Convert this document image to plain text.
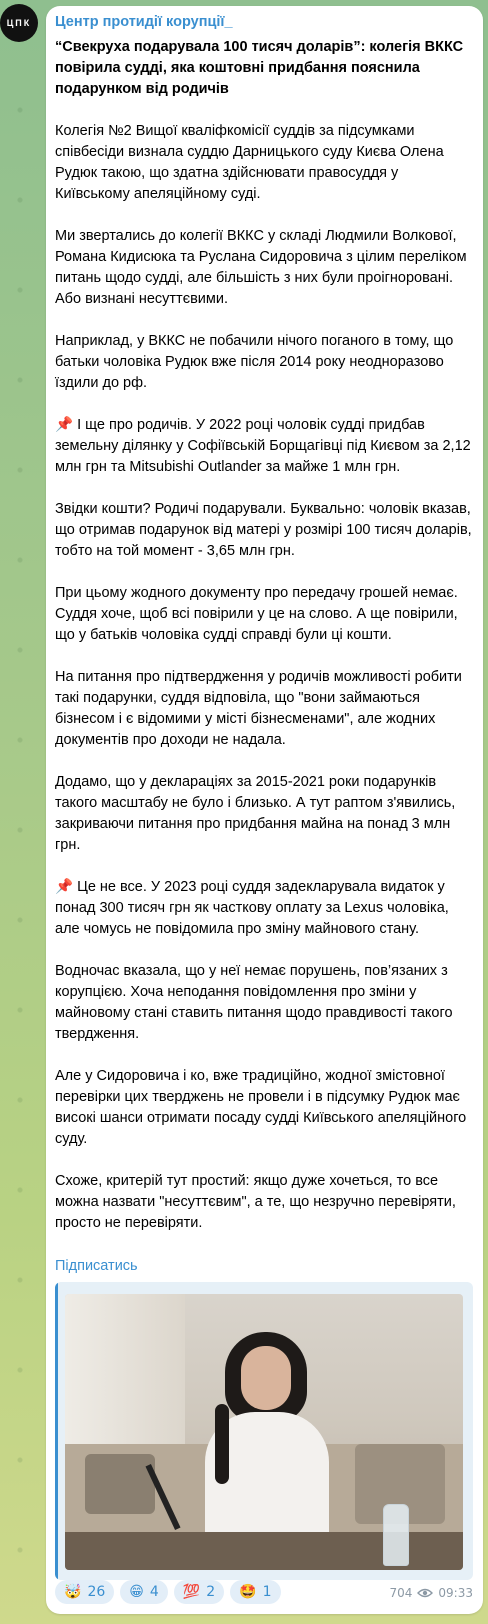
ЦПК Центр протидії корупції_

“Свекруха подарувала 100 тисяч доларів”: колегія ВККС повірила судді, яка коштовні придбання пояснила подарунком від родичів

Колегія №2 Вищої кваліфкомісії суддів за підсумками співбесіди визнала суддю Дарницького суду Києва Олена Рудюк такою, що здатна здійснювати правосуддя у Київському апеляційному суді.

Ми звертались до колегії ВККС у складі Людмили Волкової, Романа Кидисюка та Руслана Сидоровича з цілим переліком питань щодо судді, але більшість з них були проігноровані. Або визнані несуттєвими.

Наприклад, у ВККС не побачили нічого поганого в тому, що батьки чоловіка Рудюк вже після 2014 року неодноразово їздили до рф.

📌 І ще про родичів. У 2022 році чоловік судді придбав земельну ділянку у Софіївській Борщагівці під Києвом за 2,12 млн грн та Mitsubishi Outlander за майже 1 млн грн.

Звідки кошти? Родичі подарували. Буквально: чоловік вказав, що отримав подарунок від матері у розмірі 100 тисяч доларів, тобто на той момент - 3,65 млн грн.

При цьому жодного документу про передачу грошей немає. Суддя хоче, щоб всі повірили у це на слово. А ще повірили, що у батьків чоловіка судді справді були ці кошти.

На питання про підтвердження у родичів можливості робити такі подарунки, суддя відповіла, що "вони займаються бізнесом і є відомими у місті бізнесменами", але жодних документів про доходи не надала.

Додамо, що у деклараціях за 2015-2021 роки подарунків такого масштабу не було і близько. А тут раптом з'явились, закриваючи питання про придбання майна на понад 3 млн грн.

📌 Це не все. У 2023 році суддя задекларувала видаток у понад 300 тисяч грн як часткову оплату за Lexus чоловіка, але чомусь не повідомила про зміну майнового стану.

Водночас вказала, що у неї немає порушень, пов’язаних з корупцією. Хоча неподання повідомлення про зміни у майновому стані ставить питання щодо правдивості такого твердження.

Але у Сидоровича і ко, вже традиційно, жодної змістовної перевірки цих тверджень не провели і в підсумку Рудюк має високі шанси отримати посаду судді Київського апеляційного суду.

Схоже, критерій тут простий: якщо дуже хочеться, то все можна назвати "несуттєвим", а те, що незручно перевіряти, просто не перевіряти.

Підписатись
🤯 26 😁 4 💯 2 🤩 1	704 09:33
